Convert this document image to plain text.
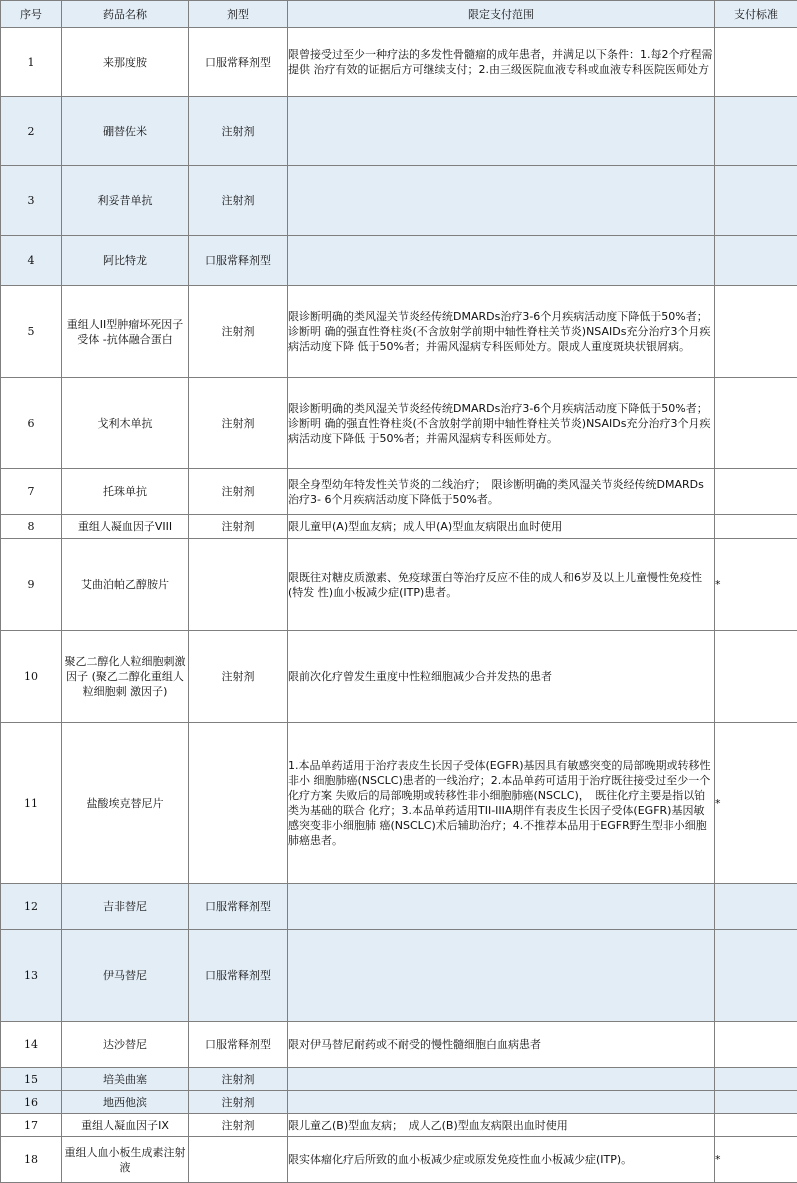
序号	药品名称	剂型	限定支付范围	支付标准
1	来那度胺	口服常释剂型	限曾接受过至少一种疗法的多发性骨髓瘤的成年患者，并满足以下条件：1.每2个疗程需提供 治疗有效的证据后方可继续支付；2.由三级医院血液专科或血液专科医院医师处方	
2	硼替佐米	注射剂		
3	利妥昔单抗	注射剂		
4	阿比特龙	口服常释剂型		
5	重组人II型肿瘤坏死因子受体 -抗体融合蛋白	注射剂	限诊断明确的类风湿关节炎经传统DMARDs治疗3-6个月疾病活动度下降低于50%者；诊断明 确的强直性脊柱炎(不含放射学前期中轴性脊柱关节炎)NSAIDs充分治疗3个月疾病活动度下降 低于50%者；并需风湿病专科医师处方。限成人重度斑块状银屑病。	
6	戈利木单抗	注射剂	限诊断明确的类风湿关节炎经传统DMARDs治疗3-6个月疾病活动度下降低于50%者；诊断明 确的强直性脊柱炎(不含放射学前期中轴性脊柱关节炎)NSAIDs充分治疗3个月疾病活动度下降低 于50%者；并需风湿病专科医师处方。	
7	托珠单抗	注射剂	限全身型幼年特发性关节炎的二线治疗；　限诊断明确的类风湿关节炎经传统DMARDs治疗3- 6个月疾病活动度下降低于50%者。	
8	重组人凝血因子VIII	注射剂	限儿童甲(A)型血友病；成人甲(A)型血友病限出血时使用	
9	艾曲泊帕乙醇胺片		限既往对糖皮质激素、免疫球蛋白等治疗反应不佳的成人和6岁及以上儿童慢性免疫性(特发 性)血小板减少症(ITP)患者。	*
10	聚乙二醇化人粒细胞刺激因子 (聚乙二醇化重组人粒细胞刺 激因子)	注射剂	限前次化疗曾发生重度中性粒细胞减少合并发热的患者	
11	盐酸埃克替尼片		1.本品单药适用于治疗表皮生长因子受体(EGFR)基因具有敏感突变的局部晚期或转移性非小 细胞肺癌(NSCLC)患者的一线治疗；2.本品单药可适用于治疗既往接受过至少一个化疗方案 失败后的局部晚期或转移性非小细胞肺癌(NSCLC)，　既往化疗主要是指以铂类为基础的联合 化疗；3.本品单药适用TII-IIIA期伴有表皮生长因子受体(EGFR)基因敏感突变非小细胞肺 癌(NSCLC)术后辅助治疗；4.不推荐本品用于EGFR野生型非小细胞肺癌患者。	*
12	吉非替尼	口服常释剂型		
13	伊马替尼	口服常释剂型		
14	达沙替尼	口服常释剂型	限对伊马替尼耐药或不耐受的慢性髓细胞白血病患者	
15	培美曲塞	注射剂		
16	地西他滨	注射剂		
17	重组人凝血因子IX	注射剂	限儿童乙(B)型血友病；　成人乙(B)型血友病限出血时使用	
18	重组人血小板生成素注射液		限实体瘤化疗后所致的血小板减少症或原发免疫性血小板减少症(ITP)。	*
